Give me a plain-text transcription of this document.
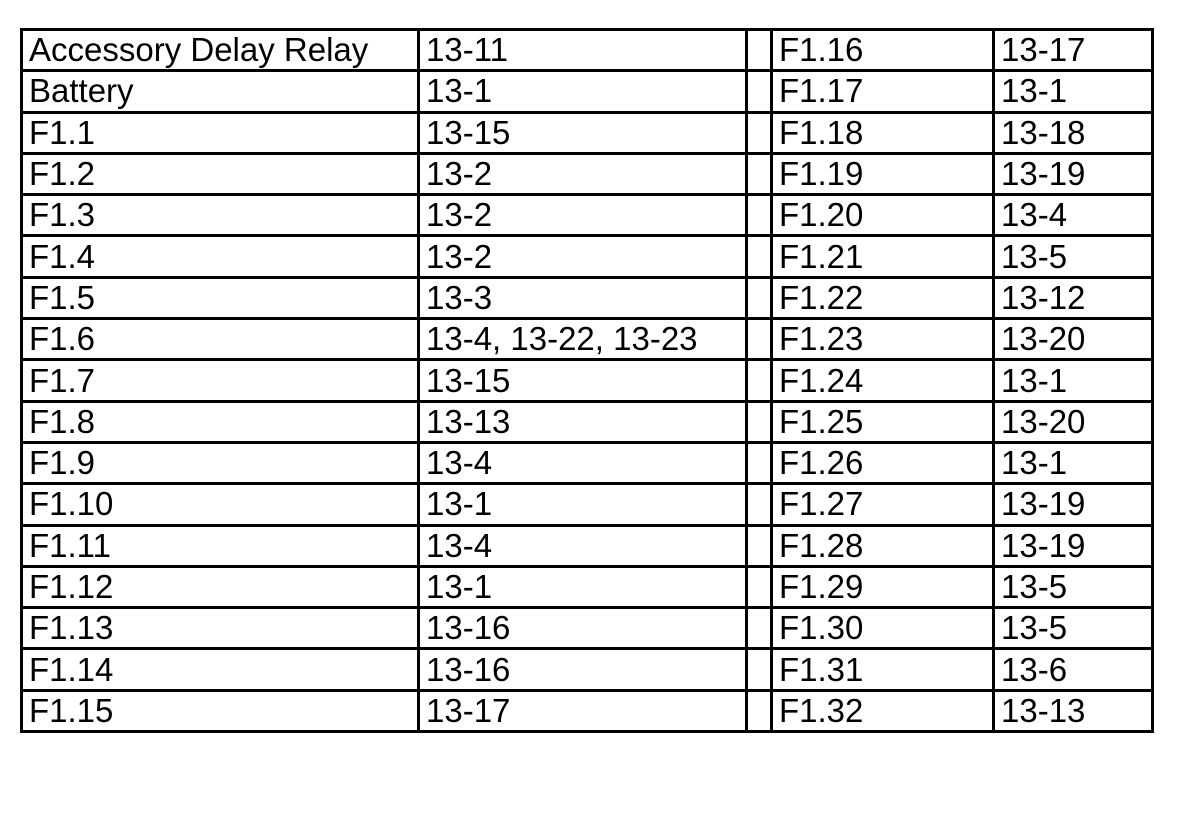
Accessory Delay Relay	13-11		F1.16	13-17
Battery	13-1		F1.17	13-1
F1.1	13-15		F1.18	13-18
F1.2	13-2		F1.19	13-19
F1.3	13-2		F1.20	13-4
F1.4	13-2		F1.21	13-5
F1.5	13-3		F1.22	13-12
F1.6	13-4, 13-22, 13-23		F1.23	13-20
F1.7	13-15		F1.24	13-1
F1.8	13-13		F1.25	13-20
F1.9	13-4		F1.26	13-1
F1.10	13-1		F1.27	13-19
F1.11	13-4		F1.28	13-19
F1.12	13-1		F1.29	13-5
F1.13	13-16		F1.30	13-5
F1.14	13-16		F1.31	13-6
F1.15	13-17		F1.32	13-13
